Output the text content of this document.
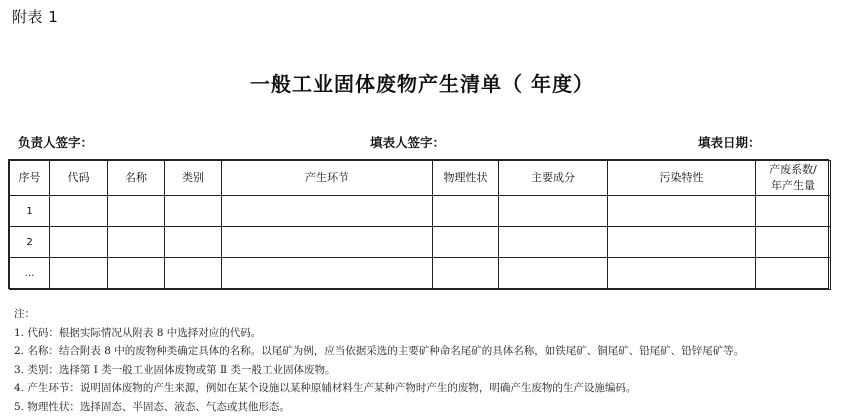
附表 1
一般工业固体废物产生清单（ 年度）
负责人签字：	填表人签字：	填表日期：
序号	代码	名称	类别	产生环节	物理性状	主要成分	污染特性	产废系数/
年产生量

1								
2								
…								
注：
1. 代码：根据实际情况从附表 8 中选择对应的代码。
2. 名称：结合附表 8 中的废物种类确定具体的名称。以尾矿为例，应当依据采选的主要矿种命名尾矿的具体名称，如铁尾矿、铜尾矿、铅尾矿、铅锌尾矿等。
3. 类别：选择第 Ⅰ 类一般工业固体废物或第 Ⅱ 类一般工业固体废物。
4. 产生环节：说明固体废物的产生来源，例如在某个设施以某种原辅材料生产某种产物时产生的废物，明确产生废物的生产设施编码。
5. 物理性状：选择固态、半固态、液态、气态或其他形态。
